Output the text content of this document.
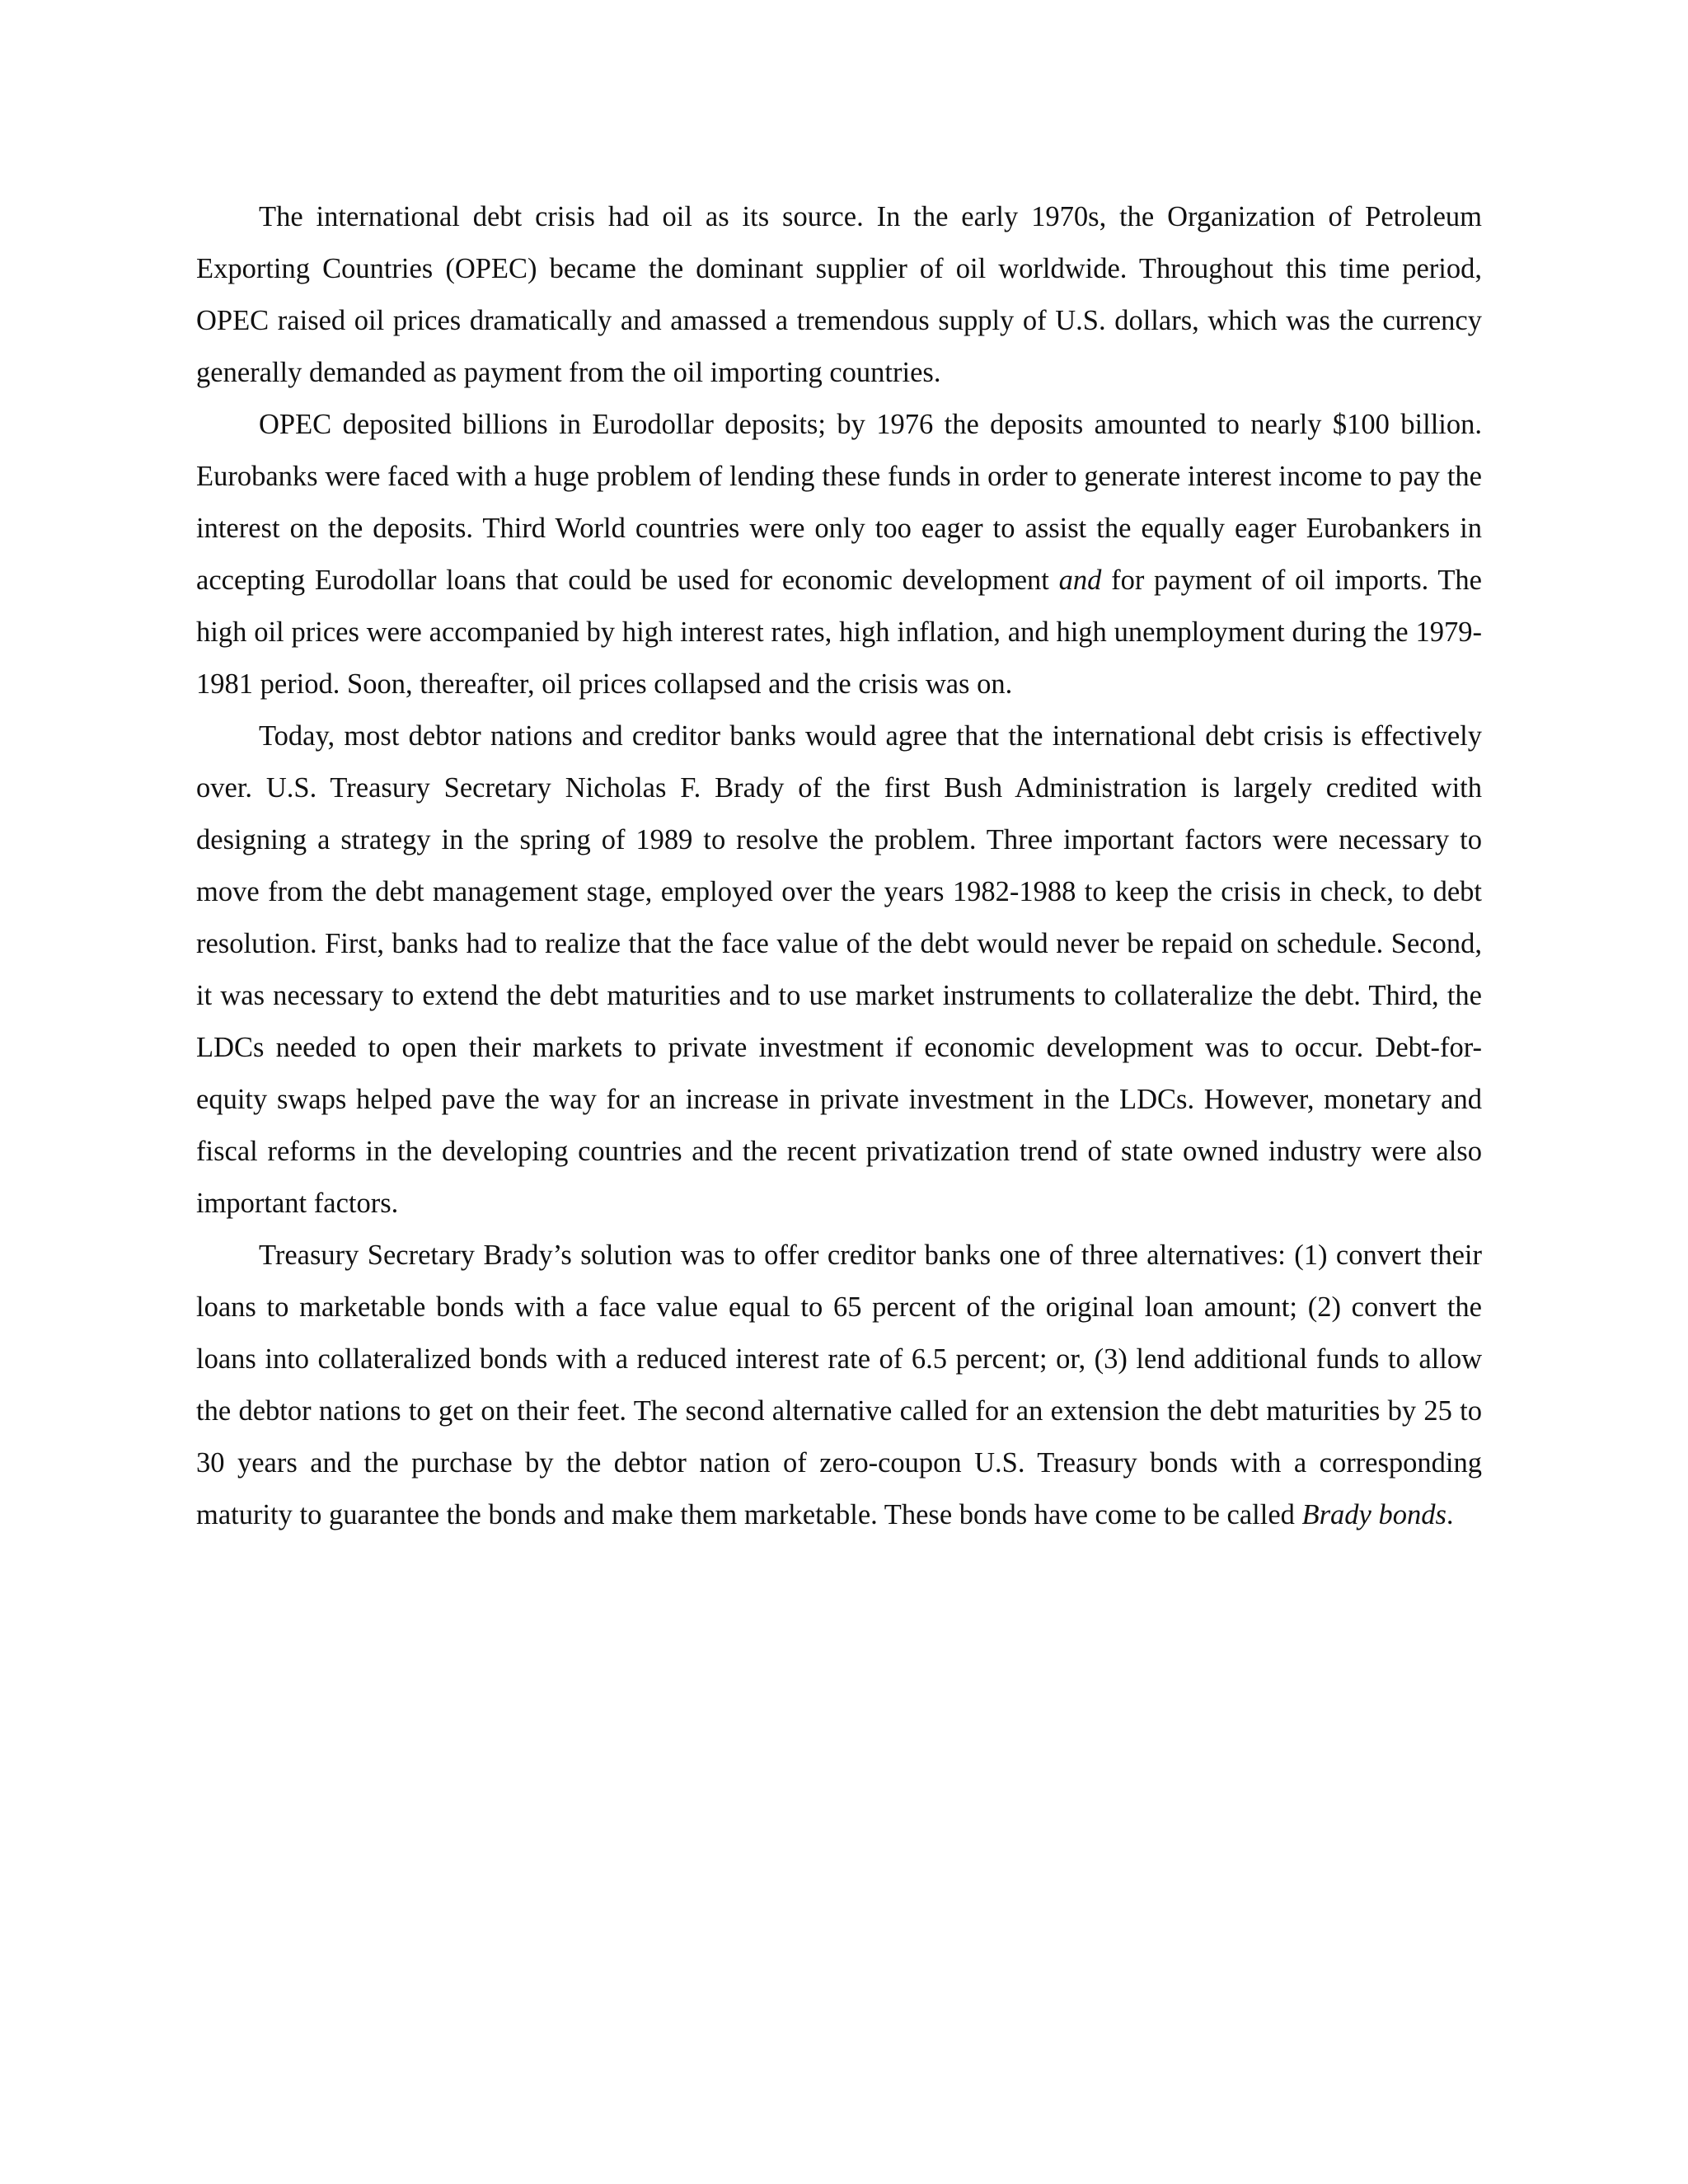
The international debt crisis had oil as its source. In the early 1970s, the Organization of Petroleum Exporting Countries (OPEC) became the dominant supplier of oil worldwide. Throughout this time period, OPEC raised oil prices dramatically and amassed a tremendous supply of U.S. dollars, which was the currency generally demanded as payment from the oil importing countries.

OPEC deposited billions in Eurodollar deposits; by 1976 the deposits amounted to nearly $100 billion. Eurobanks were faced with a huge problem of lending these funds in order to generate interest income to pay the interest on the deposits. Third World countries were only too eager to assist the equally eager Eurobankers in accepting Eurodollar loans that could be used for economic development and for payment of oil imports. The high oil prices were accompanied by high interest rates, high inflation, and high unemployment during the 1979-1981 period. Soon, thereafter, oil prices collapsed and the crisis was on.

Today, most debtor nations and creditor banks would agree that the international debt crisis is effectively over. U.S. Treasury Secretary Nicholas F. Brady of the first Bush Administration is largely credited with designing a strategy in the spring of 1989 to resolve the problem. Three important factors were necessary to move from the debt management stage, employed over the years 1982-1988 to keep the crisis in check, to debt resolution. First, banks had to realize that the face value of the debt would never be repaid on schedule. Second, it was necessary to extend the debt maturities and to use market instruments to collateralize the debt. Third, the LDCs needed to open their markets to private investment if economic development was to occur. Debt-for-equity swaps helped pave the way for an increase in private investment in the LDCs. However, monetary and fiscal reforms in the developing countries and the recent privatization trend of state owned industry were also important factors.

Treasury Secretary Brady’s solution was to offer creditor banks one of three alternatives: (1) convert their loans to marketable bonds with a face value equal to 65 percent of the original loan amount; (2) convert the loans into collateralized bonds with a reduced interest rate of 6.5 percent; or, (3) lend additional funds to allow the debtor nations to get on their feet. The second alternative called for an extension the debt maturities by 25 to 30 years and the purchase by the debtor nation of zero-coupon U.S. Treasury bonds with a corresponding maturity to guarantee the bonds and make them marketable. These bonds have come to be called Brady bonds.
